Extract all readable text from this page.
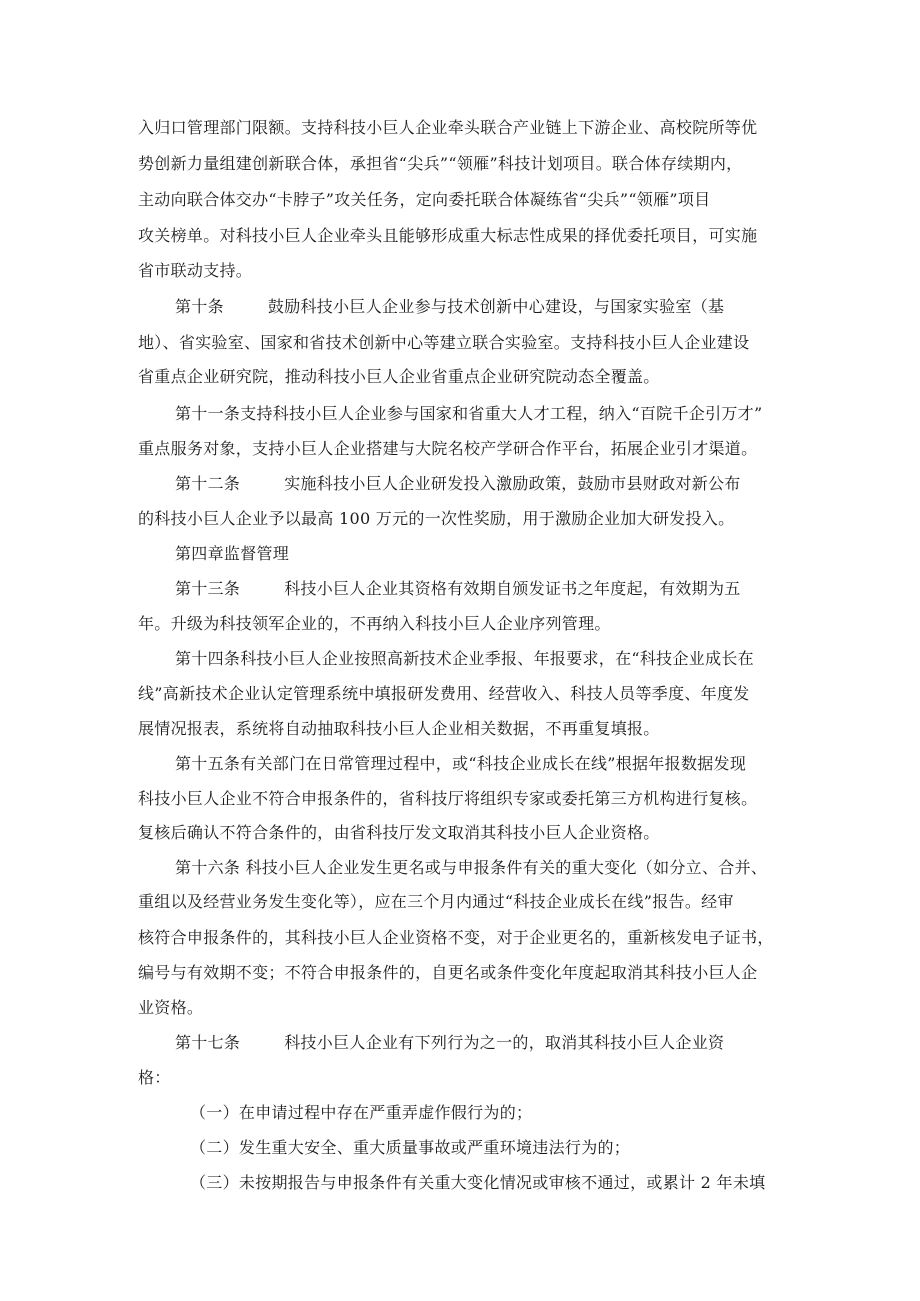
入归口管理部门限额。支持科技小巨人企业牵头联合产业链上下游企业、高校院所等优
势创新力量组建创新联合体，承担省“尖兵”“领雁”科技计划项目。联合体存续期内，
主动向联合体交办“卡脖子”攻关任务，定向委托联合体凝练省“尖兵”“领雁”项目
攻关榜单。对科技小巨人企业牵头且能够形成重大标志性成果的择优委托项目，可实施
省市联动支持。
第十条	鼓励科技小巨人企业参与技术创新中心建设，与国家实验室（基
地）、省实验室、国家和省技术创新中心等建立联合实验室。支持科技小巨人企业建设
省重点企业研究院，推动科技小巨人企业省重点企业研究院动态全覆盖。
第十一条支持科技小巨人企业参与国家和省重大人才工程，纳入“百院千企引万才”
重点服务对象，支持小巨人企业搭建与大院名校产学研合作平台，拓展企业引才渠道。
第十二条	实施科技小巨人企业研发投入激励政策，鼓励市县财政对新公布
的科技小巨人企业予以最高 100 万元的一次性奖励，用于激励企业加大研发投入。
第四章监督管理
第十三条	科技小巨人企业其资格有效期自颁发证书之年度起，有效期为五
年。升级为科技领军企业的，不再纳入科技小巨人企业序列管理。
第十四条科技小巨人企业按照高新技术企业季报、年报要求，在“科技企业成长在
线”高新技术企业认定管理系统中填报研发费用、经营收入、科技人员等季度、年度发
展情况报表，系统将自动抽取科技小巨人企业相关数据，不再重复填报。
第十五条有关部门在日常管理过程中，或“科技企业成长在线”根据年报数据发现
科技小巨人企业不符合申报条件的，省科技厅将组织专家或委托第三方机构进行复核。
复核后确认不符合条件的，由省科技厅发文取消其科技小巨人企业资格。
第十六条 科技小巨人企业发生更名或与申报条件有关的重大变化（如分立、合并、
重组以及经营业务发生变化等），应在三个月内通过“科技企业成长在线”报告。经审
核符合申报条件的，其科技小巨人企业资格不变，对于企业更名的，重新核发电子证书，
编号与有效期不变；不符合申报条件的，自更名或条件变化年度起取消其科技小巨人企
业资格。
第十七条	科技小巨人企业有下列行为之一的，取消其科技小巨人企业资
格：
（一）在申请过程中存在严重弄虚作假行为的；
（二）发生重大安全、重大质量事故或严重环境违法行为的；
（三）未按期报告与申报条件有关重大变化情况或审核不通过，或累计 2 年未填
